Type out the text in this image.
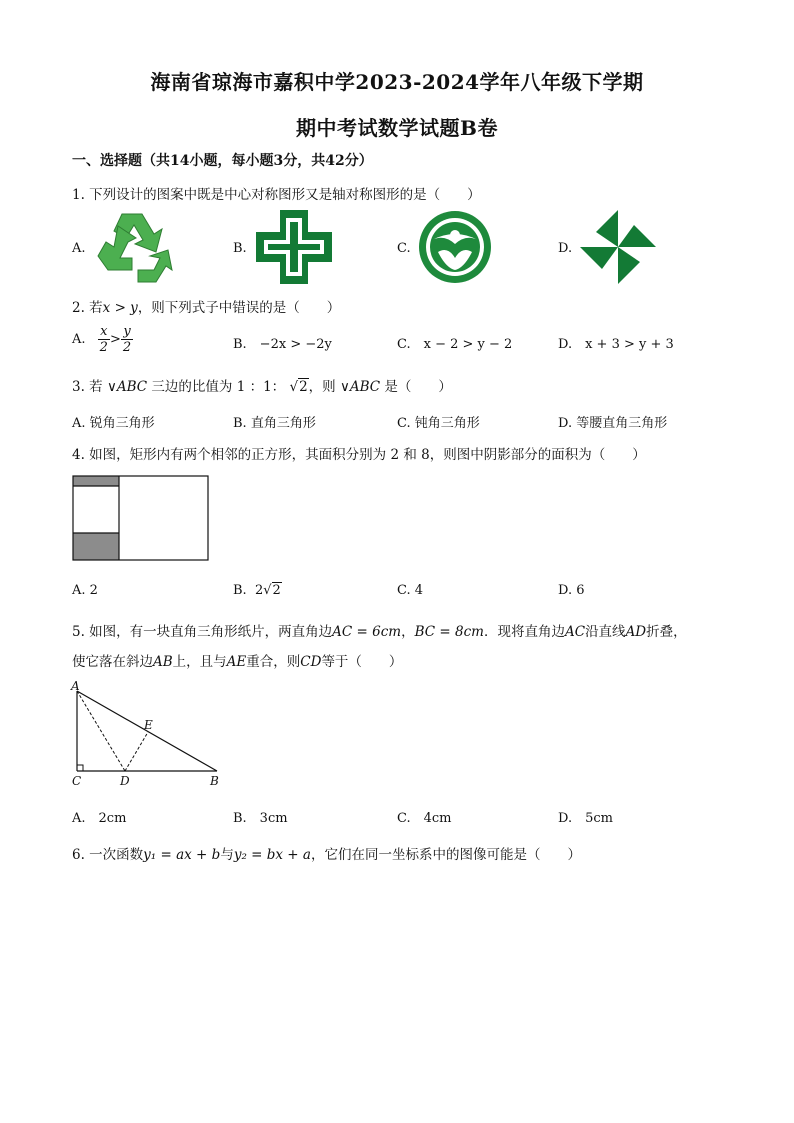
海南省琼海市嘉积中学2023-2024学年八年级下学期
期中考试数学试题B卷
一、选择题（共14小题，每小题3分，共42分）
1. 下列设计的图案中既是中心对称图形又是轴对称图形的是（　　）
A.	B.	C.	D.
2. 若x > y，则下列式子中错误的是（　　）
A. $\frac{x}{2} > \frac{y}{2}$	B.　−2x > −2y	C.　x − 2 > y − 2	D.　x + 3 > y + 3
3. 若 ∨ABC 三边的比值为 1 ：1： √2，则 ∨ABC 是（　　）
A. 锐角三角形	B. 直角三角形	C. 钝角三角形	D. 等腰直角三角形
4. 如图，矩形内有两个相邻的正方形，其面积分别为 2 和 8，则图中阴影部分的面积为（　　）
A. 2	B. 2√2	C. 4	D. 6
5. 如图，有一块直角三角形纸片，两直角边AC = 6cm，BC = 8cm．现将直角边AC沿直线AD折叠，
使它落在斜边AB上，且与AE重合，则CD等于（　　）
A
C	D
E
B
A.　2cm	B.　3cm	C.　4cm	D.　5cm
6. 一次函数y₁ = ax + b与y₂ = bx + a，它们在同一坐标系中的图像可能是（　　）
